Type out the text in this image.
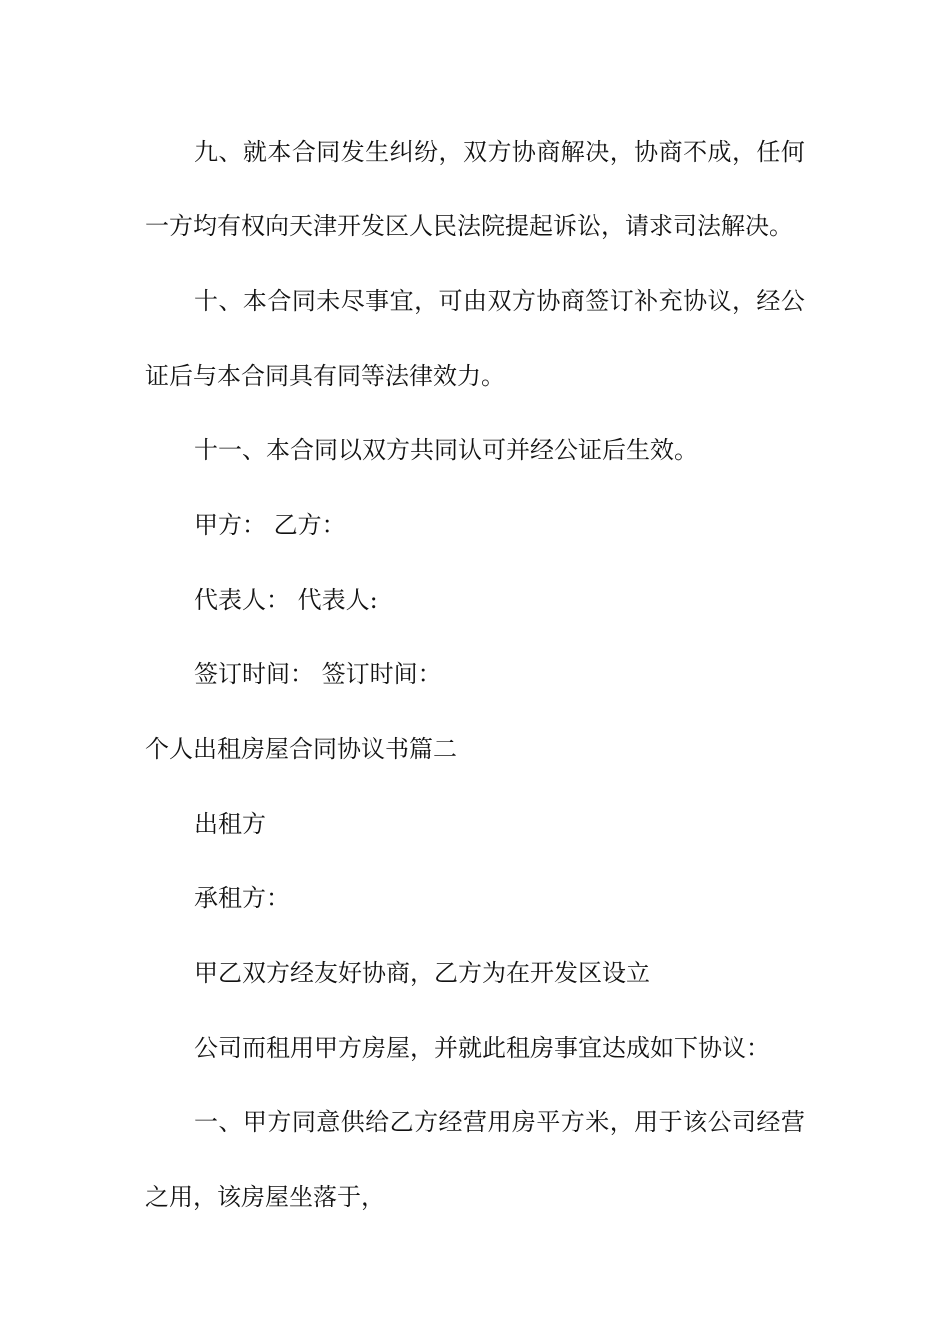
九 、 就 本 合 同 发 生 纠 纷 ， 双 方 协 商 解 决 ， 协 商 不 成 ， 任 何
一方均有权向天津开发区人民法院提起诉讼，请求司法解决。
十 、 本 合 同 未 尽 事 宜 ， 可 由 双 方 协 商 签 订 补 充 协 议 ， 经 公
证后与本合同具有同等法律效力。
十一、本合同以双方共同认可并经公证后生效。
甲方： 乙方：
代表人： 代表人:
签订时间： 签订时间：
个人出租房屋合同协议书篇二
出租方
承租方：
甲乙双方经友好协商，乙方为在开发区设立
公司而租用甲方房屋，并就此租房事宜达成如下协议：
一 、 甲 方 同 意 供 给 乙 方 经 营 用 房 平 方 米 ， 用 于 该 公 司 经 营
之用，该房屋坐落于，
